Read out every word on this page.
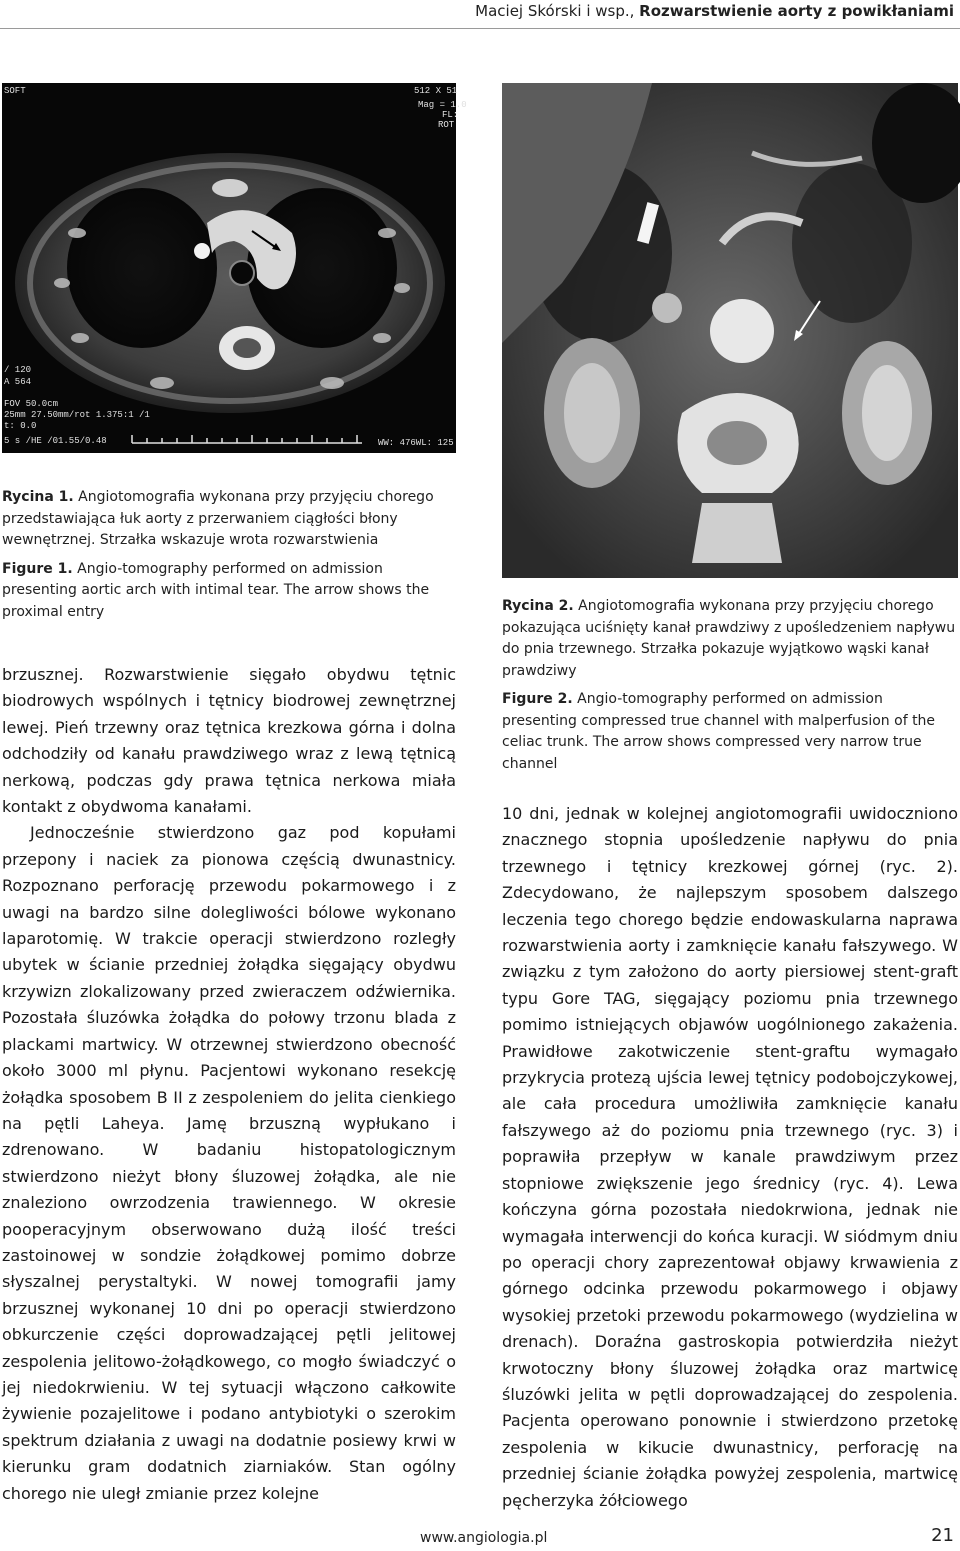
Maciej Skórski i wsp., Rozwarstwienie aorty z powikłaniami
SOFT	512 X 51
Mag = 1.0
FL:
ROT
/ 120
A 564
FOV 50.0cm
25mm 27.50mm/rot 1.375:1 /1
t: 0.0
5 s /HE /01.55/0.48	WW: 476WL: 125

Rycina 1. Angiotomografia wykonana przy przyjęciu chorego przedstawiająca łuk aorty z przerwaniem ciągłości błony wewnętrznej. Strzałka wskazuje wrota rozwarstwienia

Figure 1. Angio-tomography performed on admission presenting aortic arch with intimal tear. The arrow shows the proximal entry	Rycina 2. Angiotomografia wykonana przy przyjęciu chorego pokazująca uciśnięty kanał prawdziwy z upośledzeniem napływu do pnia trzewnego. Strzałka pokazuje wyjątkowo wąski kanał prawdziwy

Figure 2. Angio-tomography performed on admission presenting compressed true channel with malperfusion of the celiac trunk. The arrow shows compressed very narrow true channel

brzusznej. Rozwarstwienie sięgało obydwu tętnic biodrowych wspólnych i tętnicy biodrowej zewnętrznej lewej. Pień trzewny oraz tętnica krezkowa górna i dolna odchodziły od kanału prawdziwego wraz z lewą tętnicą nerkową, podczas gdy prawa tętnica nerkowa miała kontakt z obydwoma kanałami.

Jednocześnie stwierdzono gaz pod kopułami przepony i naciek za pionowa częścią dwunastnicy. Rozpoznano perforację przewodu pokarmowego i z uwagi na bardzo silne dolegliwości bólowe wykonano laparotomię. W trakcie operacji stwierdzono rozległy ubytek w ścianie przedniej żołądka sięgający obydwu krzywizn zlokalizowany przed zwieraczem odźwiernika. Pozostała śluzówka żołądka do połowy trzonu blada z plackami martwicy. W otrzewnej stwierdzono obecność około 3000 ml płynu. Pacjentowi wykonano resekcję żołądka sposobem B II z zespoleniem do jelita cienkiego na pętli Laheya. Jamę brzuszną wypłukano i zdrenowano. W badaniu histopatologicznym stwierdzono nieżyt błony śluzowej żołądka, ale nie znaleziono owrzodzenia trawiennego. W okresie pooperacyjnym obserwowano dużą ilość treści zastoinowej w sondzie żołądkowej pomimo dobrze słyszalnej perystaltyki. W nowej tomografii jamy brzusznej wykonanej 10 dni po operacji stwierdzono obkurczenie części doprowadzającej pętli jelitowej zespolenia jelitowo-żołądkowego, co mogło świadczyć o jej niedokrwieniu. W tej sytuacji włączono całkowite żywienie pozajelitowe i podano antybiotyki o szerokim spektrum działania z uwagi na dodatnie posiewy krwi w kierunku gram dodatnich ziarniaków. Stan ogólny chorego nie uległ zmianie przez kolejne

10 dni, jednak w kolejnej angiotomografii uwidoczniono znacznego stopnia upośledzenie napływu do pnia trzewnego i tętnicy krezkowej górnej (ryc. 2). Zdecydowano, że najlepszym sposobem dalszego leczenia tego chorego będzie endowaskularna naprawa rozwarstwienia aorty i zamknięcie kanału fałszywego. W związku z tym założono do aorty piersiowej stent-graft typu Gore TAG, sięgający poziomu pnia trzewnego pomimo istniejących objawów uogólnionego zakażenia. Prawidłowe zakotwiczenie stent-graftu wymagało przykrycia protezą ujścia lewej tętnicy podobojczykowej, ale cała procedura umożliwiła zamknięcie kanału fałszywego aż do poziomu pnia trzewnego (ryc. 3) i poprawiła przepływ w kanale prawdziwym przez stopniowe zwiększenie jego średnicy (ryc. 4). Lewa kończyna górna pozostała niedokrwiona, jednak nie wymagała interwencji do końca kuracji. W siódmym dniu po operacji chory zaprezentował objawy krwawienia z górnego odcinka przewodu pokarmowego i objawy wysokiej przetoki przewodu pokarmowego (wydzielina w drenach). Doraźna gastroskopia potwierdziła nieżyt krwotoczny błony śluzowej żołądka oraz martwicę śluzówki jelita w pętli doprowadzającej do zespolenia. Pacjenta operowano ponownie i stwierdzono przetokę zespolenia w kikucie dwunastnicy, perforację na przedniej ścianie żołądka powyżej zespolenia, martwicę pęcherzyka żółciowego

www.angiologia.pl	21
